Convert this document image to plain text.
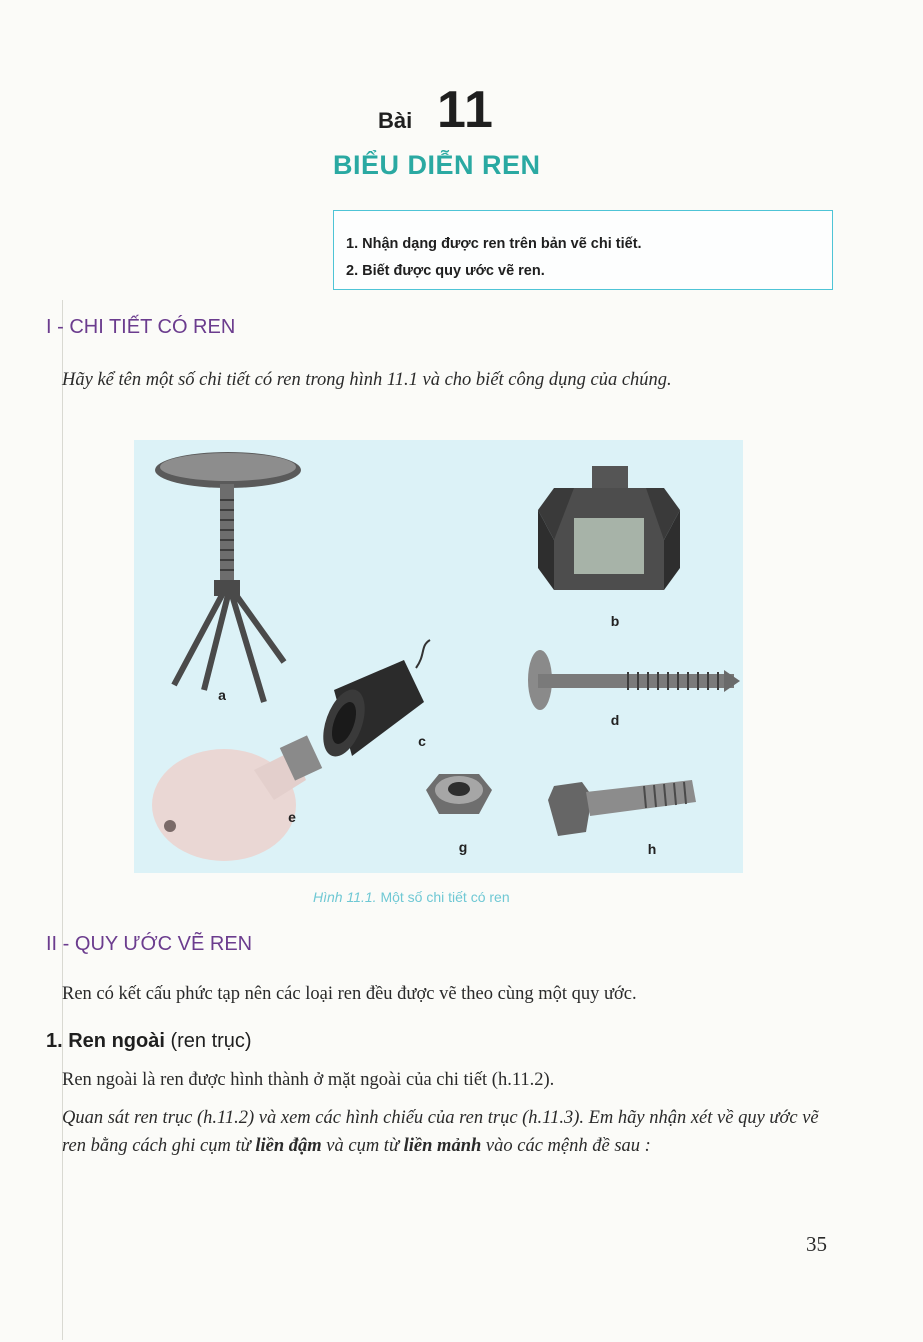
Bài 11
BIỂU DIỄN REN
1. Nhận dạng được ren trên bản vẽ chi tiết.
2. Biết được quy ước vẽ ren.
I - CHI TIẾT CÓ REN
Hãy kể tên một số chi tiết có ren trong hình 11.1 và cho biết công dụng của chúng.
a
b
c
d
e
g	h
Hình 11.1. Một số chi tiết có ren
II - QUY ƯỚC VẼ REN
Ren có kết cấu phức tạp nên các loại ren đều được vẽ theo cùng một quy ước.
1. Ren ngoài (ren trục)
Ren ngoài là ren được hình thành ở mặt ngoài của chi tiết (h.11.2).
Quan sát ren trục (h.11.2) và xem các hình chiếu của ren trục (h.11.3). Em hãy nhận xét về quy ước vẽ ren bằng cách ghi cụm từ liền đậm và cụm từ liền mảnh vào các mệnh đề sau :
35
